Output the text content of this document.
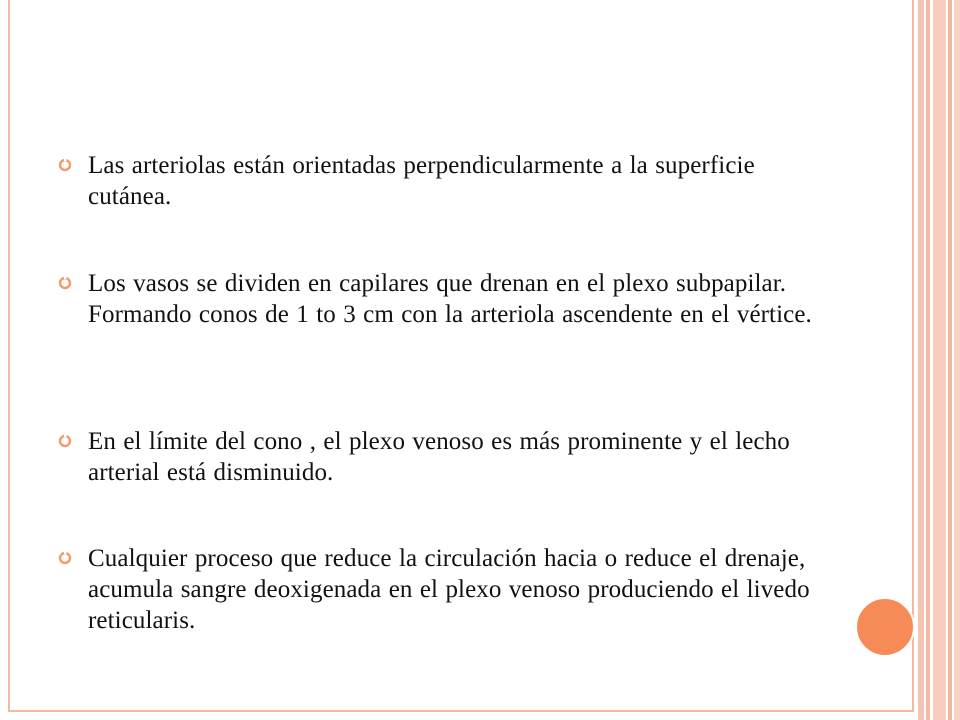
Las arteriolas están orientadas perpendicularmente a la superficie cutánea.
Los vasos se dividen en capilares que drenan en el plexo subpapilar. Formando conos de 1 to 3 cm con la arteriola ascendente en el vértice.
En el límite del cono , el plexo venoso es más prominente y el lecho arterial está disminuido.
Cualquier proceso que reduce la circulación hacia o reduce el drenaje, acumula sangre deoxigenada en el plexo venoso produciendo el livedo reticularis.
